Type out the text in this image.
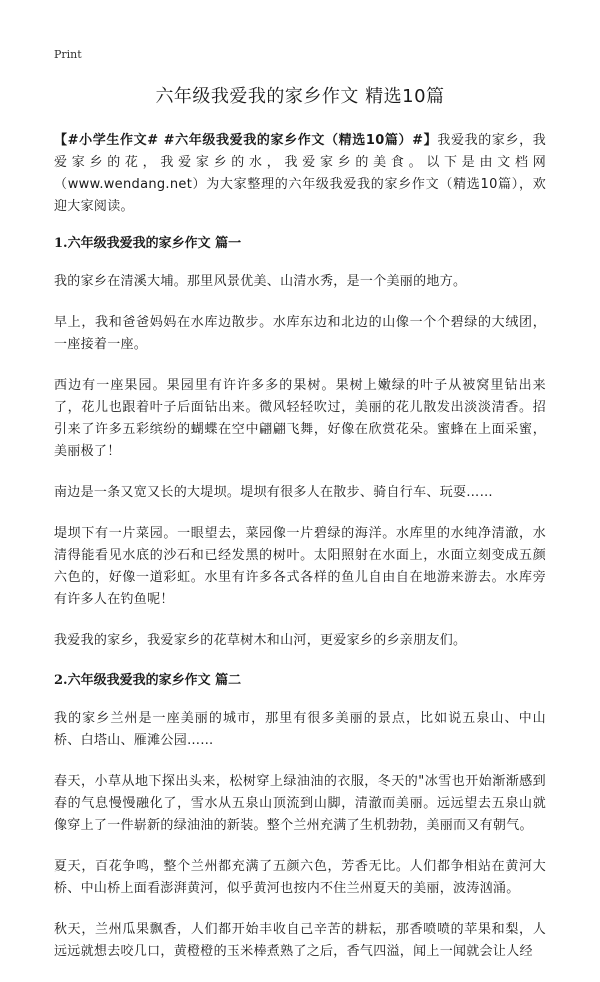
Print
六年级我爱我的家乡作文 精选10篇

【#小学生作文# #六年级我爱我的家乡作文（精选10篇）#】我爱我的家乡，我爱家乡的花，我爱家乡的水，我爱家乡的美食。以下是由文档网（www.wendang.net）为大家整理的六年级我爱我的家乡作文（精选10篇），欢迎大家阅读。

1.六年级我爱我的家乡作文 篇一

我的家乡在清溪大埔。那里风景优美、山清水秀，是一个美丽的地方。

早上，我和爸爸妈妈在水库边散步。水库东边和北边的山像一个个碧绿的大绒团，一座接着一座。

西边有一座果园。果园里有许许多多的果树。果树上嫩绿的叶子从被窝里钻出来了，花儿也跟着叶子后面钻出来。微风轻轻吹过，美丽的花儿散发出淡淡清香。招引来了许多五彩缤纷的蝴蝶在空中翩翩飞舞，好像在欣赏花朵。蜜蜂在上面采蜜，美丽极了！

南边是一条又宽又长的大堤坝。堤坝有很多人在散步、骑自行车、玩耍……

堤坝下有一片菜园。一眼望去，菜园像一片碧绿的海洋。水库里的水纯净清澈，水清得能看见水底的沙石和已经发黑的树叶。太阳照射在水面上，水面立刻变成五颜六色的，好像一道彩虹。水里有许多各式各样的鱼儿自由自在地游来游去。水库旁有许多人在钓鱼呢！

我爱我的家乡，我爱家乡的花草树木和山河，更爱家乡的乡亲朋友们。

2.六年级我爱我的家乡作文 篇二

我的家乡兰州是一座美丽的城市，那里有很多美丽的景点，比如说五泉山、中山桥、白塔山、雁滩公园……

春天，小草从地下探出头来，松树穿上绿油油的衣服，冬天的"冰雪也开始渐渐感到春的气息慢慢融化了，雪水从五泉山顶流到山脚，清澈而美丽。远远望去五泉山就像穿上了一件崭新的绿油油的新装。整个兰州充满了生机勃勃，美丽而又有朝气。

夏天，百花争鸣，整个兰州都充满了五颜六色，芳香无比。人们都争相站在黄河大桥、中山桥上面看澎湃黄河，似乎黄河也按内不住兰州夏天的美丽，波涛汹涌。

秋天，兰州瓜果飘香，人们都开始丰收自己辛苦的耕耘，那香喷喷的苹果和梨，人远远就想去咬几口，黄橙橙的玉米棒煮熟了之后，香气四溢，闻上一闻就会让人经
